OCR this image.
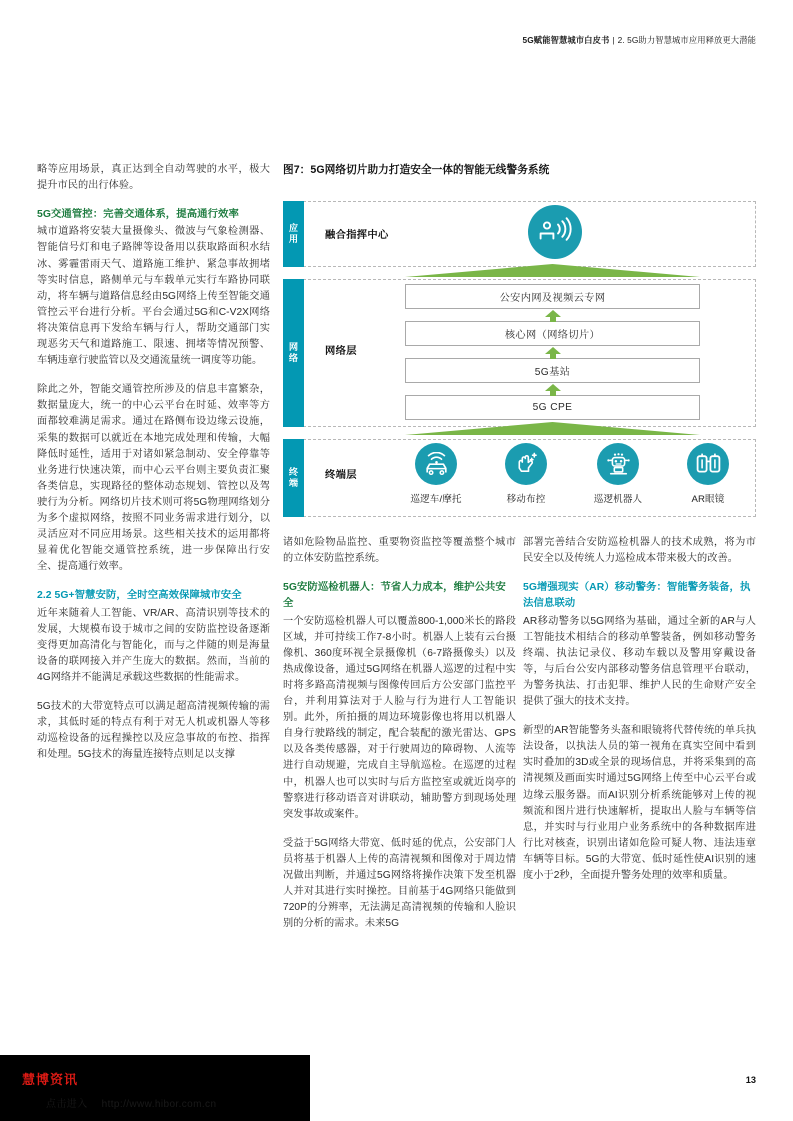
5G赋能智慧城市白皮书 | 2. 5G助力智慧城市应用释放更大潜能

略等应用场景，真正达到全自动驾驶的水平，极大提升市民的出行体验。

5G交通管控：完善交通体系，提高通行效率

城市道路将安装大量摄像头、微波与气象检测器、智能信号灯和电子路牌等设备用以获取路面积水结冰、雾霾雷雨天气、道路施工维护、紧急事故拥堵等实时信息，路侧单元与车载单元实行车路协同联动，将车辆与道路信息经由5G网络上传至智能交通管控云平台进行分析。平台会通过5G和C-V2X网络将决策信息再下发给车辆与行人，帮助交通部门实现恶劣天气和道路施工、限速、拥堵等情况预警、车辆违章行驶监管以及交通流量统一调度等功能。

除此之外，智能交通管控所涉及的信息丰富繁杂，数据量庞大，统一的中心云平台在时延、效率等方面都较难满足需求。通过在路侧布设边缘云设施，采集的数据可以就近在本地完成处理和传输，大幅降低时延性，适用于对诸如紧急制动、安全停靠等业务进行快速决策，而中心云平台则主要负责汇聚各类信息，实现路径的整体动态规划、管控以及驾驶行为分析。网络切片技术则可将5G物理网络划分为多个虚拟网络，按照不同业务需求进行划分，以灵活应对不同应用场景。这些相关技术的运用都将显着优化智能交通管控系统，进一步保障出行安全、提高通行效率。

2.2 5G+智慧安防，全时空高效保障城市安全

近年来随着人工智能、VR/AR、高清识别等技术的发展，大规模布设于城市之间的安防监控设备逐渐变得更加高清化与智能化，而与之伴随的则是海量设备的联网接入并产生庞大的数据。然而，当前的4G网络并不能满足承载这些数据的性能需求。

5G技术的大带宽特点可以满足超高清视频传输的需求，其低时延的特点有利于对无人机或机器人等移动巡检设备的远程操控以及应急事故的布控、指挥和处理。5G技术的海量连接特点则足以支撑

图7：5G网络切片助力打造安全一体的智能无线警务系统
应用
网络
终端
融合指挥中心
网络层
终端层
公安内网及视频云专网
核心网（网络切片）
5G基站
5G CPE
巡逻车/摩托	移动布控	巡逻机器人	AR眼镜

诸如危险物品监控、重要物资监控等覆盖整个城市的立体安防监控系统。

5G安防巡检机器人：节省人力成本，维护公共安全

一个安防巡检机器人可以覆盖800-1,000米长的路段区域，并可持续工作7-8小时。机器人上装有云台摄像机、360度环视全景摄像机（6-7路摄像头）以及热成像设备，通过5G网络在机器人巡逻的过程中实时将多路高清视频与图像传回后方公安部门监控平台，并利用算法对于人脸与行为进行人工智能识别。此外，所拍摄的周边环境影像也将用以机器人自身行驶路线的制定，配合装配的激光雷达、GPS以及各类传感器，对于行驶周边的障碍物、人流等进行自动规避，完成自主导航巡检。在巡逻的过程中，机器人也可以实时与后方监控室或就近岗亭的警察进行移动语音对讲联动，辅助警方到现场处理突发事故或案件。

受益于5G网络大带宽、低时延的优点，公安部门人员将基于机器人上传的高清视频和图像对于周边情况做出判断，并通过5G网络将操作决策下发至机器人并对其进行实时操控。目前基于4G网络只能做到720P的分辨率，无法满足高清视频的传输和人脸识别的分析的需求。未来5G

部署完善结合安防巡检机器人的技术成熟，将为市民安全以及传统人力巡检成本带来极大的改善。

5G增强现实（AR）移动警务：智能警务装备，执法信息联动

AR移动警务以5G网络为基础，通过全新的AR与人工智能技术相结合的移动单警装备，例如移动警务终端、执法记录仪、移动车载以及警用穿戴设备等，与后台公安内部移动警务信息管理平台联动，为警务执法、打击犯罪、维护人民的生命财产安全提供了强大的技术支持。

新型的AR智能警务头盔和眼镜将代替传统的单兵执法设备，以执法人员的第一视角在真实空间中看到实时叠加的3D或全景的现场信息，并将采集到的高清视频及画面实时通过5G网络上传至中心云平台或边缘云服务器。而AI识别分析系统能够对上传的视频流和图片进行快速解析，提取出人脸与车辆等信息，并实时与行业用户业务系统中的各种数据库进行比对核查，识别出诸如危险可疑人物、违法违章车辆等目标。5G的大带宽、低时延性使AI识别的速度小于2秒，全面提升警务处理的效率和质量。

13
慧博资讯
点击进入 http://www.hibor.com.cn
